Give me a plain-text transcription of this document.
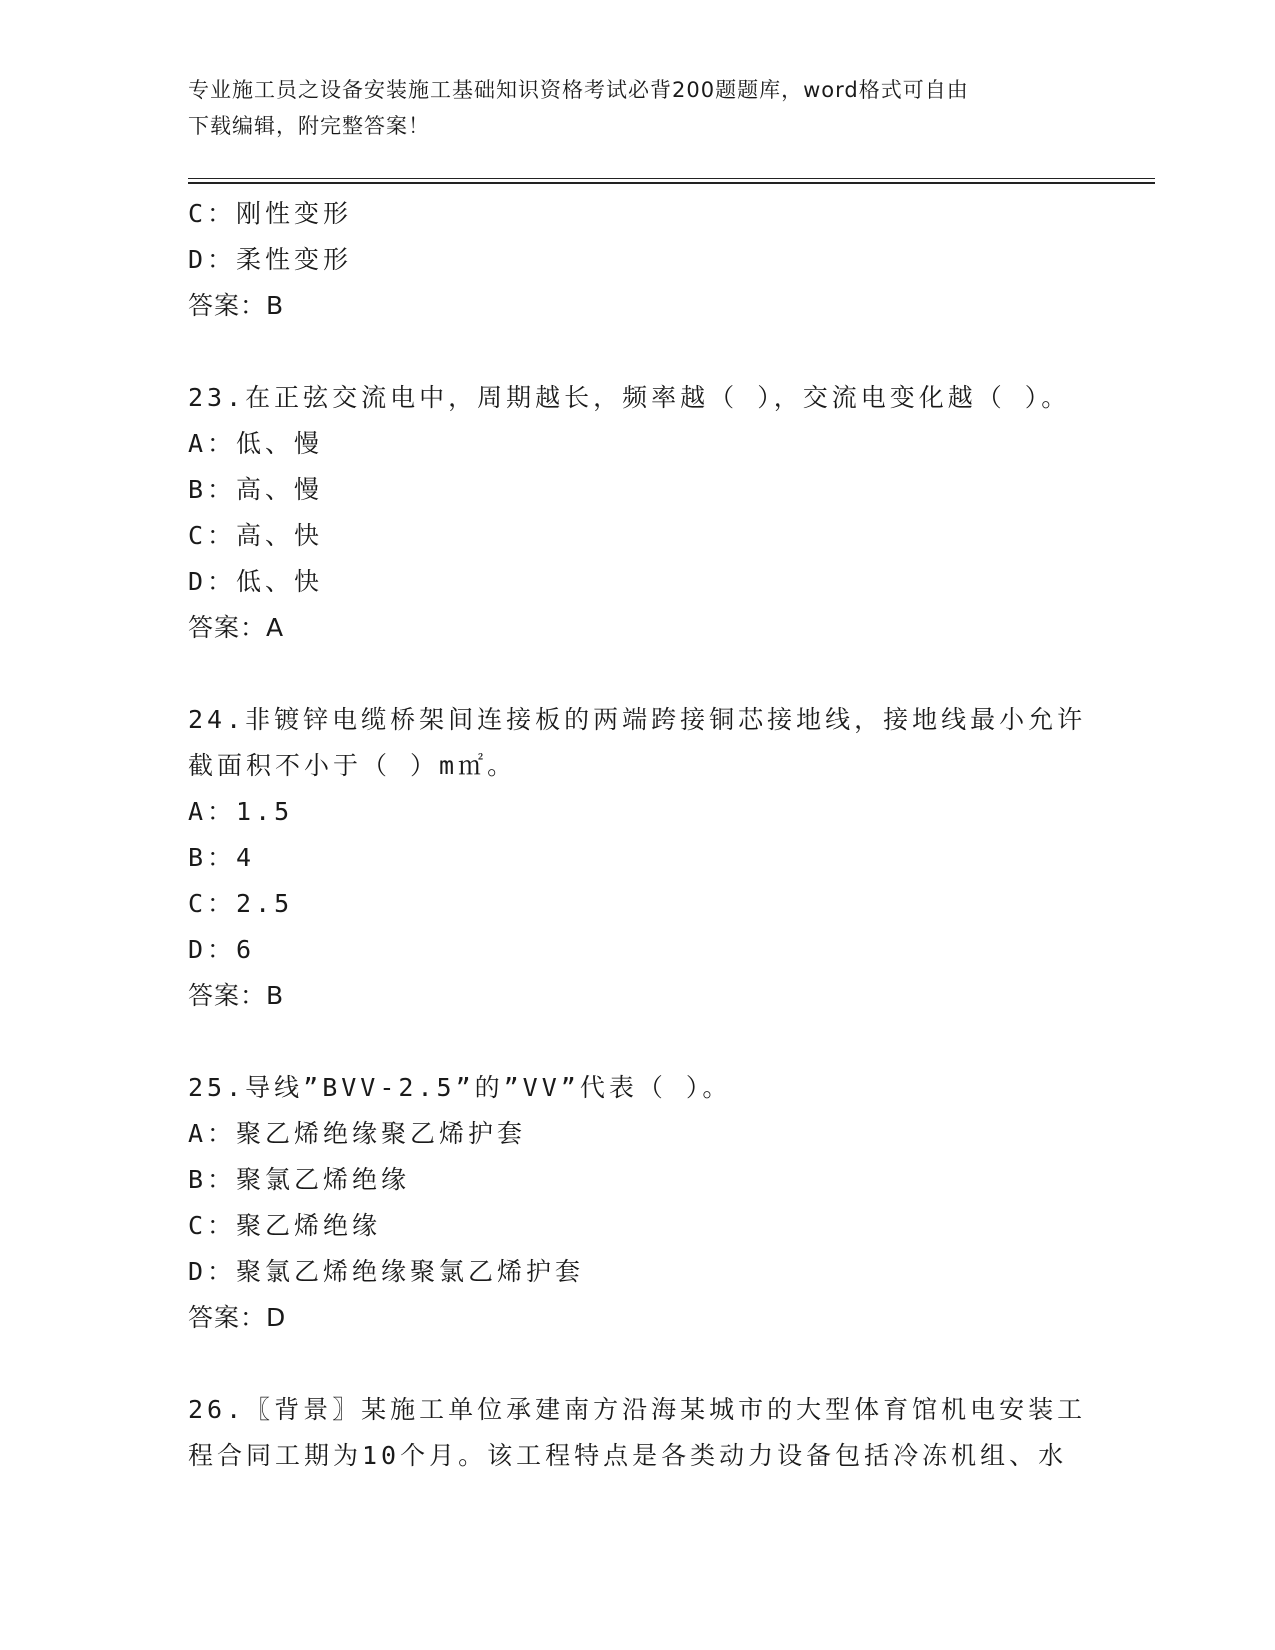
专业施工员之设备安装施工基础知识资格考试必背200题题库，word格式可自由
下载编辑，附完整答案！
C：刚性变形
D：柔性变形
答案：B
23.在正弦交流电中，周期越长，频率越（ ），交流电变化越（ ）。
A：低、慢
B：高、慢
C：高、快
D：低、快
答案：A
24.非镀锌电缆桥架间连接板的两端跨接铜芯接地线，接地线最小允许
截面积不小于（ ）m㎡。
A：1.5
B：4
C：2.5
D：6
答案：B
25.导线”BVV-2.5”的”VV”代表（ ）。
A：聚乙烯绝缘聚乙烯护套
B：聚氯乙烯绝缘
C：聚乙烯绝缘
D：聚氯乙烯绝缘聚氯乙烯护套
答案：D
26.〖背景〗某施工单位承建南方沿海某城市的大型体育馆机电安装工
程合同工期为10个月。该工程特点是各类动力设备包括冷冻机组、水
